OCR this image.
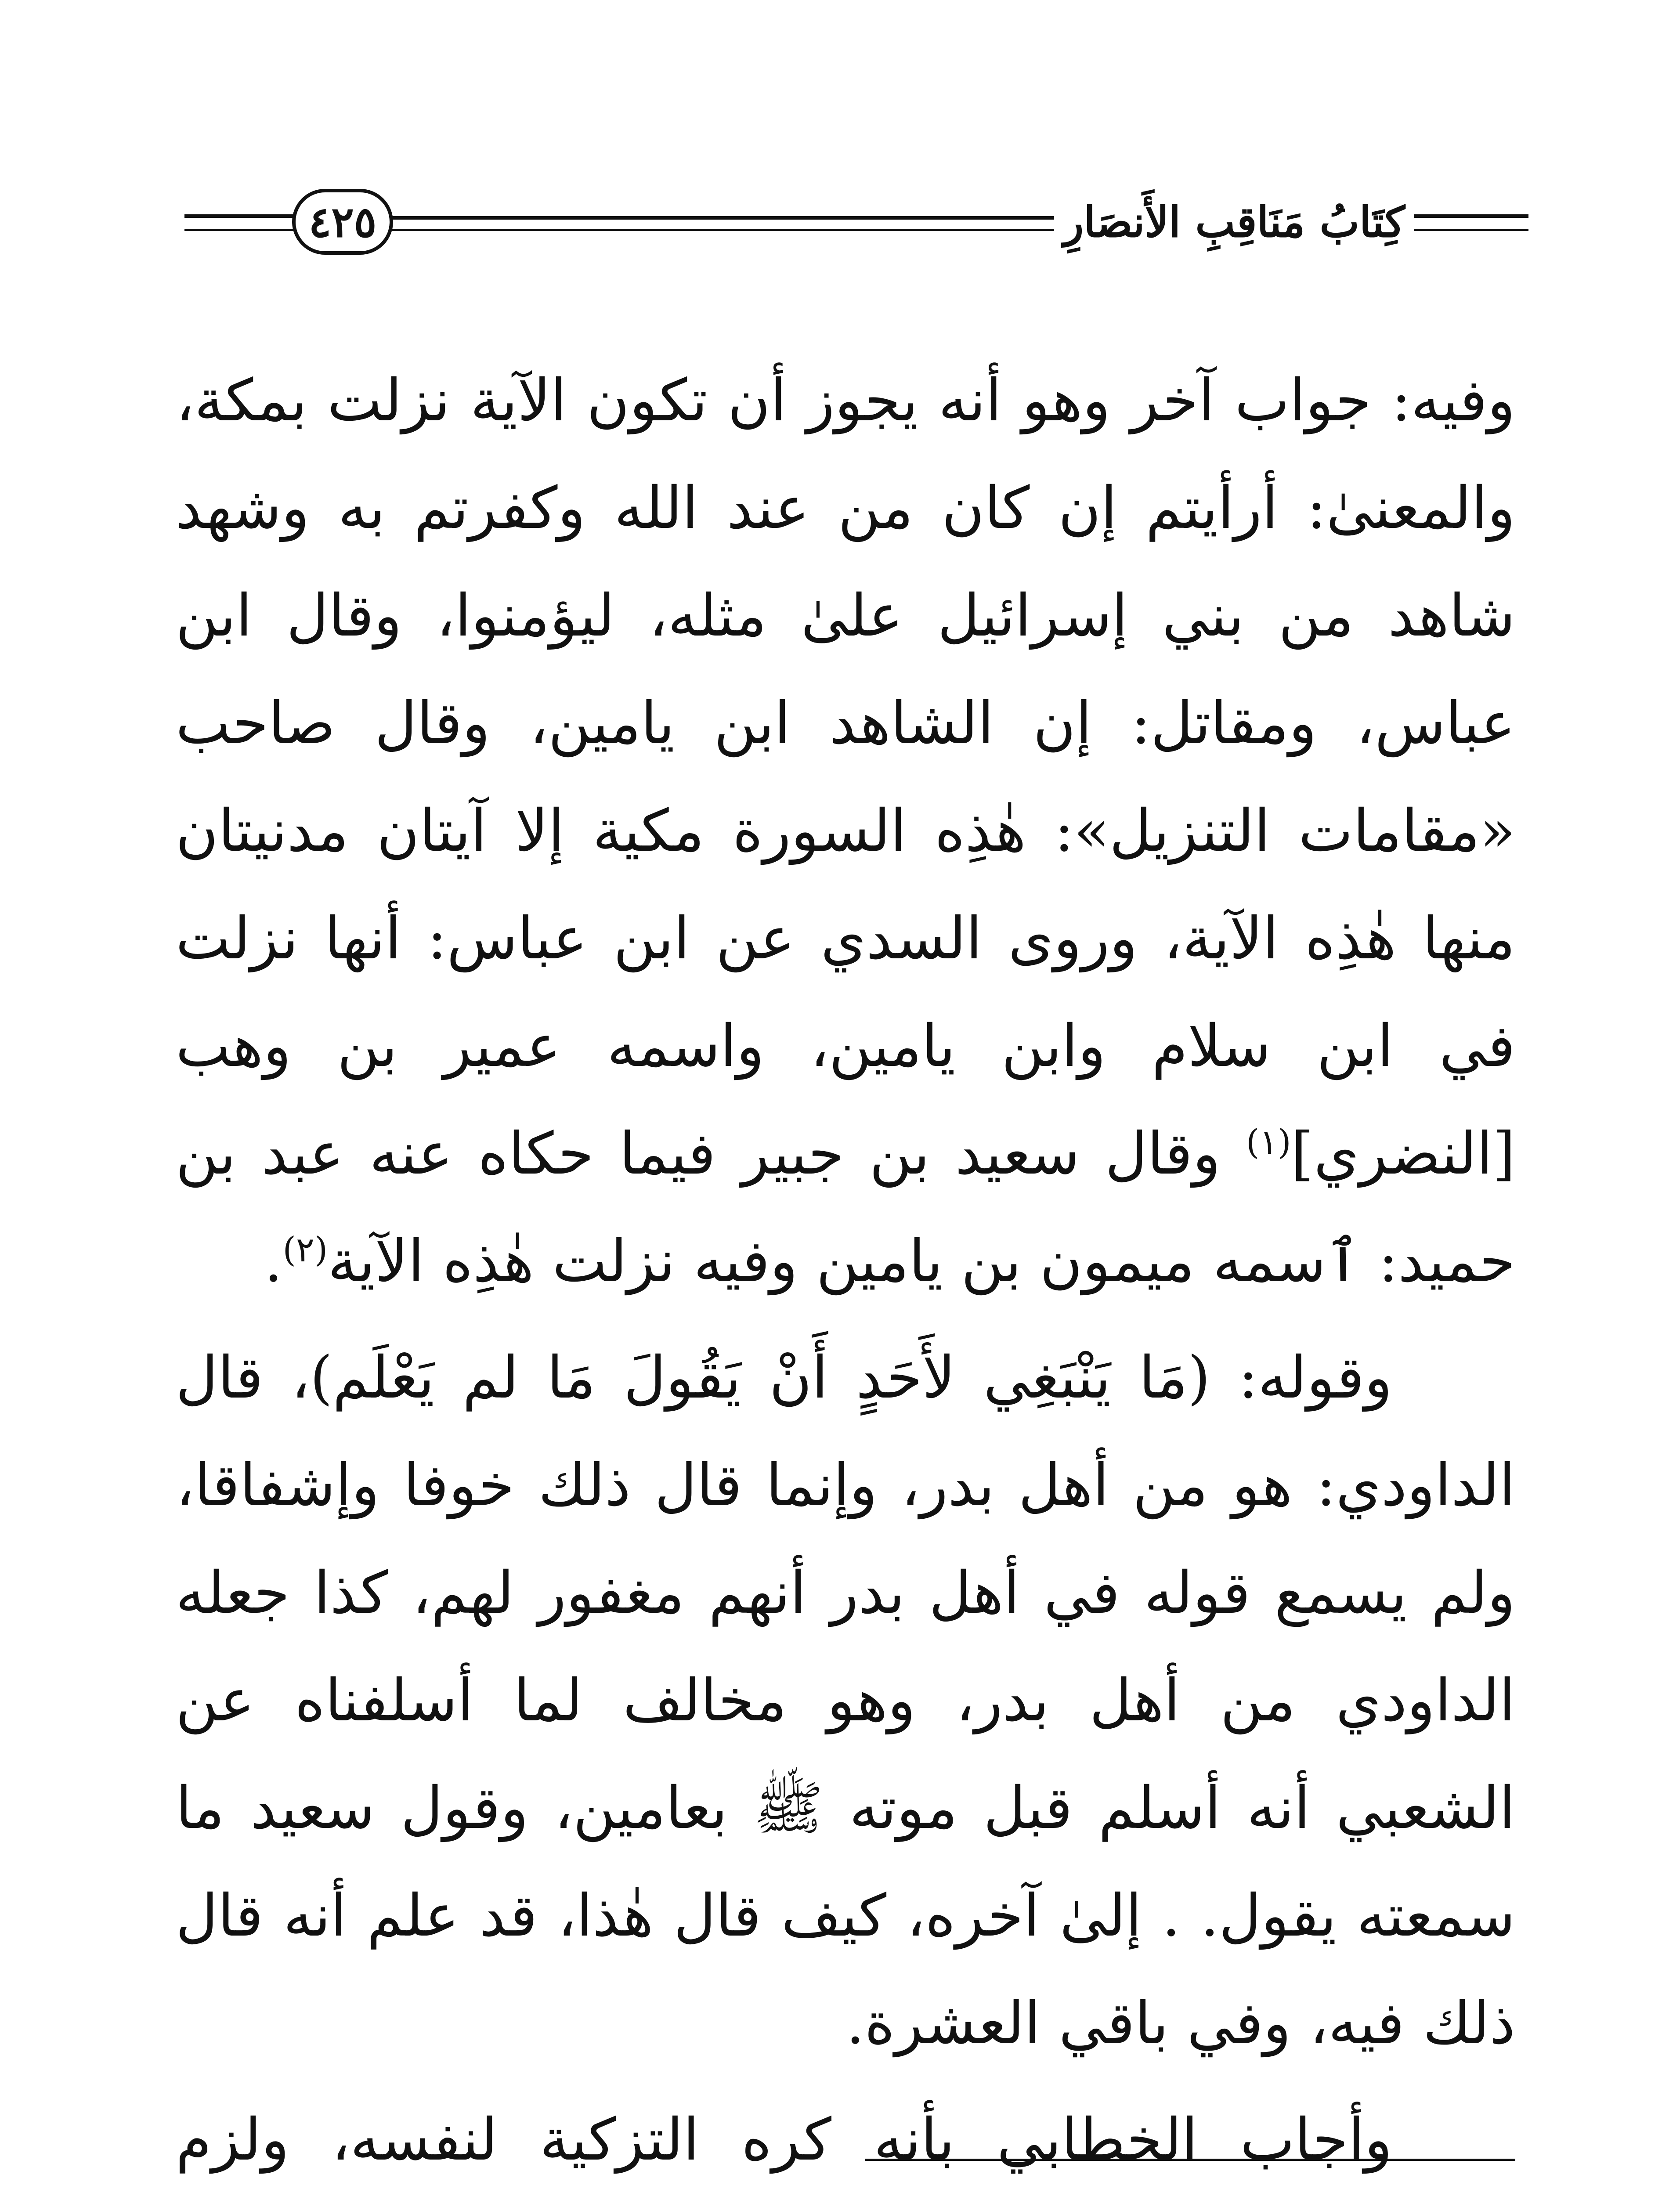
٤٢٥	كِتَابُ مَنَاقِبِ الأَنصَارِ

وفيه: جواب آخر وهو أنه يجوز أن تكون الآية نزلت بمكة، والمعنىٰ: أرأيتم إن كان من عند الله وكفرتم به وشهد شاهد من بني إسرائيل علىٰ مثله، ليؤمنوا، وقال ابن عباس، ومقاتل: إن الشاهد ابن يامين، وقال صاحب «مقامات التنزيل»: هٰذِه السورة مكية إلا آيتان مدنيتان منها هٰذِه الآية، وروى السدي عن ابن عباس: أنها نزلت في ابن سلام وابن يامين، واسمه عمير بن وهب [النضري]$^{(١)}$ وقال سعيد بن جبير فيما حكاه عنه عبد بن حميد: ٱسمه ميمون بن يامين وفيه نزلت هٰذِه الآية$^{(٢)}$.

وقوله: (مَا يَنْبَغِي لأَحَدٍ أَنْ يَقُولَ مَا لم يَعْلَم)، قال الداودي: هو من أهل بدر، وإنما قال ذلك خوفا وإشفاقا، ولم يسمع قوله في أهل بدر أنهم مغفور لهم، كذا جعله الداودي من أهل بدر، وهو مخالف لما أسلفناه عن الشعبي أنه أسلم قبل موته ﷺ بعامين، وقول سعيد ما سمعته يقول. . إلىٰ آخره، كيف قال هٰذا، قد علم أنه قال ذلك فيه، وفي باقي العشرة.

وأجاب الخطابي بأنه كره التزكية لنفسه، ولزم
